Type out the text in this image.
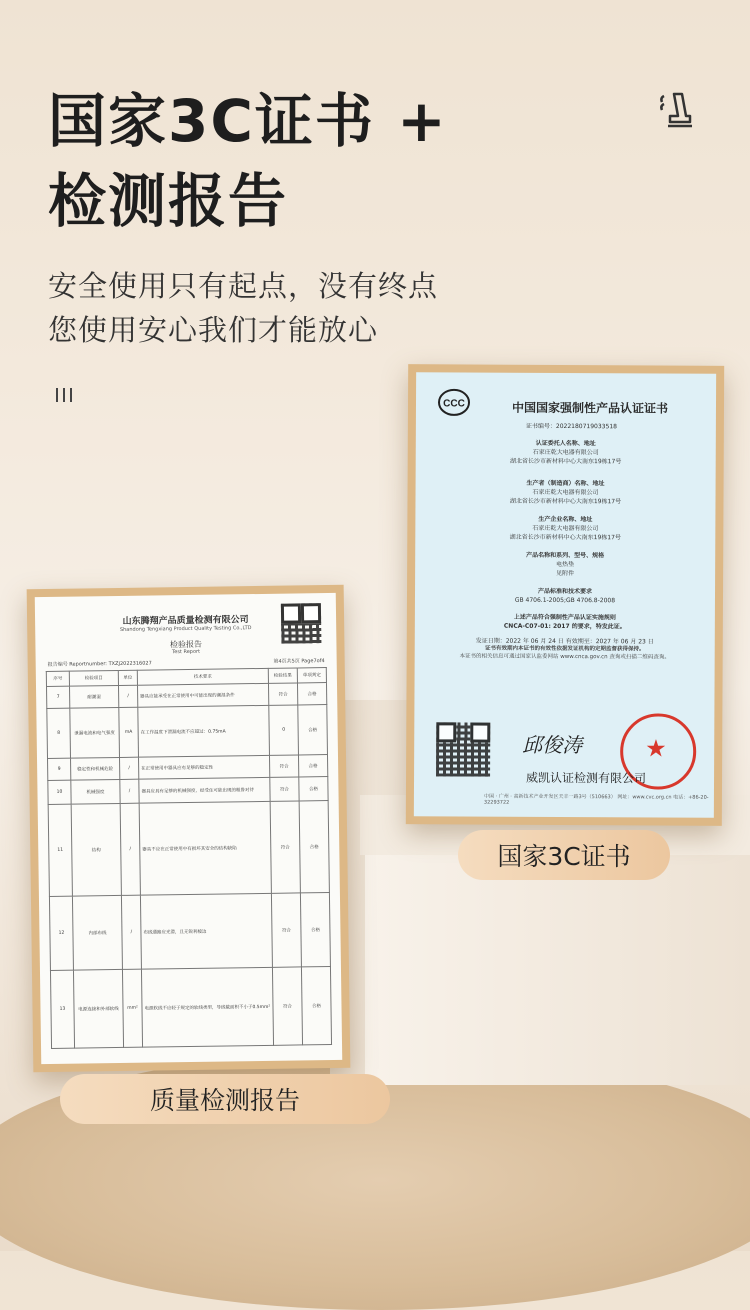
国家3C证书 +
检测报告
安全使用只有起点，没有终点
您使用安心我们才能放心
CCC	中国国家强制性产品认证证书
证书编号：2022180719033518
认证委托人名称、地址
石家庄乾大电器有限公司
湖北省长沙市新材料中心大南东19栋17号
生产者（制造商）名称、地址
石家庄乾大电器有限公司
湖北省长沙市新材料中心大南东19栋17号
生产企业名称、地址
石家庄乾大电器有限公司
湖北省长沙市新材料中心大南东19栋17号
产品名称和系列、型号、规格
电热垫
见附件
产品标准和技术要求
GB 4706.1-2005;GB 4706.8-2008
上述产品符合强制性产品认证实施规则
CNCA-C07-01: 2017 的要求，特发此证。
发证日期：2022 年 06 月 24 日 有效期至：2027 年 06 月 23 日
证书有效期内本证书的有效性依据发证机构的定期监督获得保持。
本证书的相关信息可通过国家认监委网站 www.cnca.gov.cn 查询或扫描二维码查询。
邱俊涛	★
威凯认证检测有限公司
中国 · 广州 · 高新技术产业开发区天丰一路3号（510663） 网址：www.cvc.org.cn 电话：+86-20-32293722
山东腾翔产品质量检测有限公司
Shandong Tengxiang Product Quality Testing Co.,LTD
检验报告
Test Report
报告编号 Reportnumber: TXZJ2022316027	第4页共5页 Page7of4
序号	检验项目	单位	技术要求	检验结果	单项判定
7	耐潮湿	/	器具应能承受在正常使用中可能出现的潮湿条件	符合	合格
8	泄漏电流和电气强度	mA	在工作温度下泄漏电流不应超过：0.75mA	0	合格
9	稳定性和机械危险	/	在正常使用中器具应有足够的稳定性	符合	合格
10	机械强度	/	器具应具有足够的机械强度，经受住可能出现的粗鲁对待	符合	合格
11	结构	/	器具不应在正常使用中有损坏其安全的结构缺陷	符合	合格
12	内部布线	/	布线通路应光滑，且无锐利棱边	符合	合格
13	电源连接和外部软线	mm²	电源软线不应轻于规定的软线类型，导线截面积不小于0.5mm²	符合	合格
国家3C证书
质量检测报告
